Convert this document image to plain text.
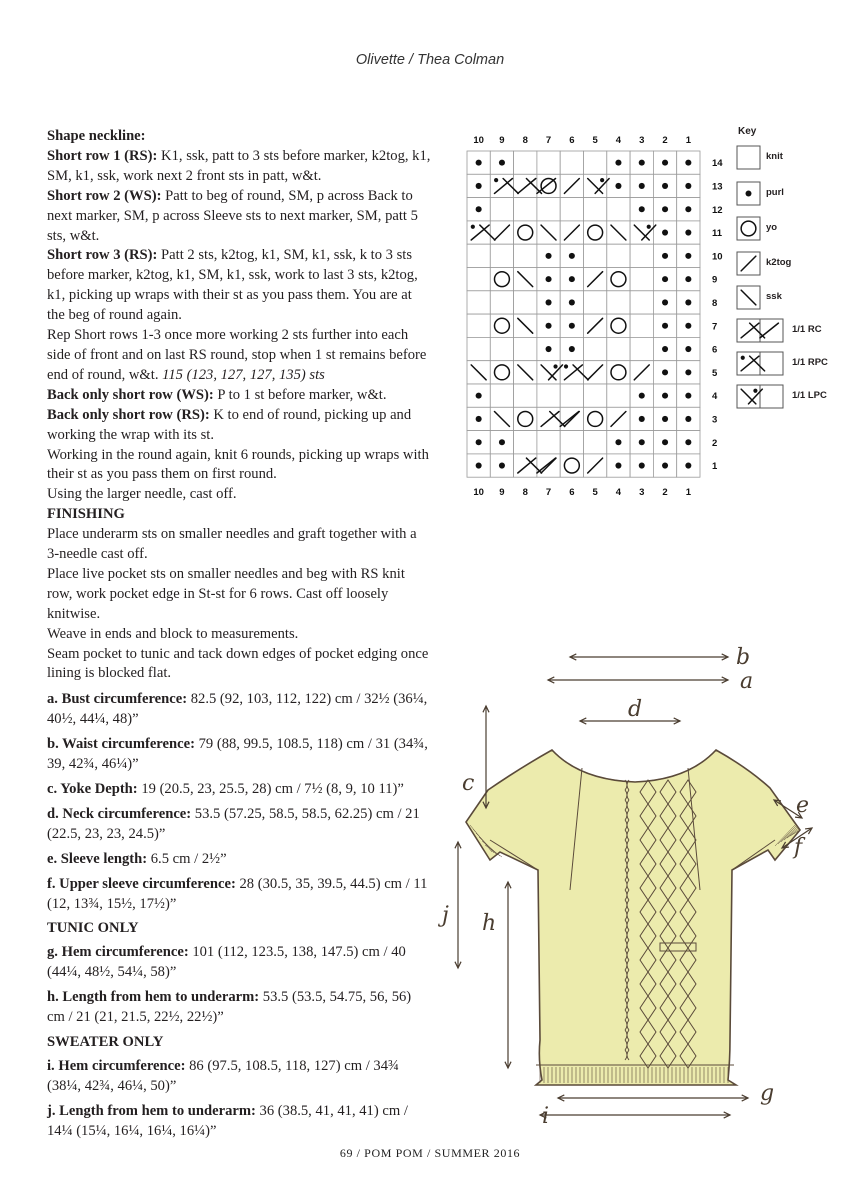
Olivette / Thea Colman

Shape neckline:

Short row 1 (RS): K1, ssk, patt to 3 sts before marker, k2tog, k1, SM, k1, ssk, work next 2 front sts in patt, w&t.

Short row 2 (WS): Patt to beg of round, SM, p across Back to next marker, SM, p across Sleeve sts to next marker, SM, patt 5 sts, w&t.

Short row 3 (RS): Patt 2 sts, k2tog, k1, SM, k1, ssk, k to 3 sts before marker, k2tog, k1, SM, k1, ssk, work to last 3 sts, k2tog, k1, picking up wraps with their st as you pass them. You are at the beg of round again.

Rep Short rows 1-3 once more working 2 sts further into each side of front and on last RS round, stop when 1 st remains before end of round, w&t. 115 (123, 127, 127, 135) sts

Back only short row (WS): P to 1 st before marker, w&t.

Back only short row (RS): K to end of round, picking up and working the wrap with its st.

Working in the round again, knit 6 rounds, picking up wraps with their st as you pass them on first round.

Using the larger needle, cast off.

FINISHING

Place underarm sts on smaller needles and graft together with a 3-needle cast off.

Place live pocket sts on smaller needles and beg with RS knit row, work pocket edge in St-st for 6 rows. Cast off loosely knitwise.

Weave in ends and block to measurements.

Seam pocket to tunic and tack down edges of pocket edging once lining is blocked flat.

a. Bust circumference: 82.5 (92, 103, 112, 122) cm / 32½ (36¼, 40½, 44¼, 48)”

b. Waist circumference: 79 (88, 99.5, 108.5, 118) cm / 31 (34¾, 39, 42¾, 46¼)”

c. Yoke Depth: 19 (20.5, 23, 25.5, 28) cm / 7½ (8, 9, 10 11)”

d. Neck circumference: 53.5 (57.25, 58.5, 58.5, 62.25) cm / 21 (22.5, 23, 23, 24.5)”

e. Sleeve length: 6.5 cm / 2½”

f. Upper sleeve circumference: 28 (30.5, 35, 39.5, 44.5) cm / 11 (12, 13¾, 15½, 17½)”

TUNIC ONLY

g. Hem circumference: 101 (112, 123.5, 138, 147.5) cm / 40 (44¼, 48½, 54¼, 58)”

h. Length from hem to underarm: 53.5 (53.5, 54.75, 56, 56) cm / 21 (21, 21.5, 22½, 22½)”

SWEATER ONLY

i. Hem circumference: 86 (97.5, 108.5, 118, 127) cm / 34¾ (38¼, 42¾, 46¼, 50)”

j. Length from hem to underarm: 36 (38.5, 41, 41, 41) cm / 14¼ (15¼, 16¼, 16¼, 16¼)”

10
10
9
9
8
8
7
7
6
6
5
5
4
4
3
3
2
2
1
1
14
13
12
11
10
9
8
7
6
5
4
3
2
1
Key
knit
purl
yo
k2tog
ssk
1/1 RC
1/1 RPC
1/1 LPC
a
b
c
d
e
f
g
h
i
j
69 / POM POM / SUMMER 2016
